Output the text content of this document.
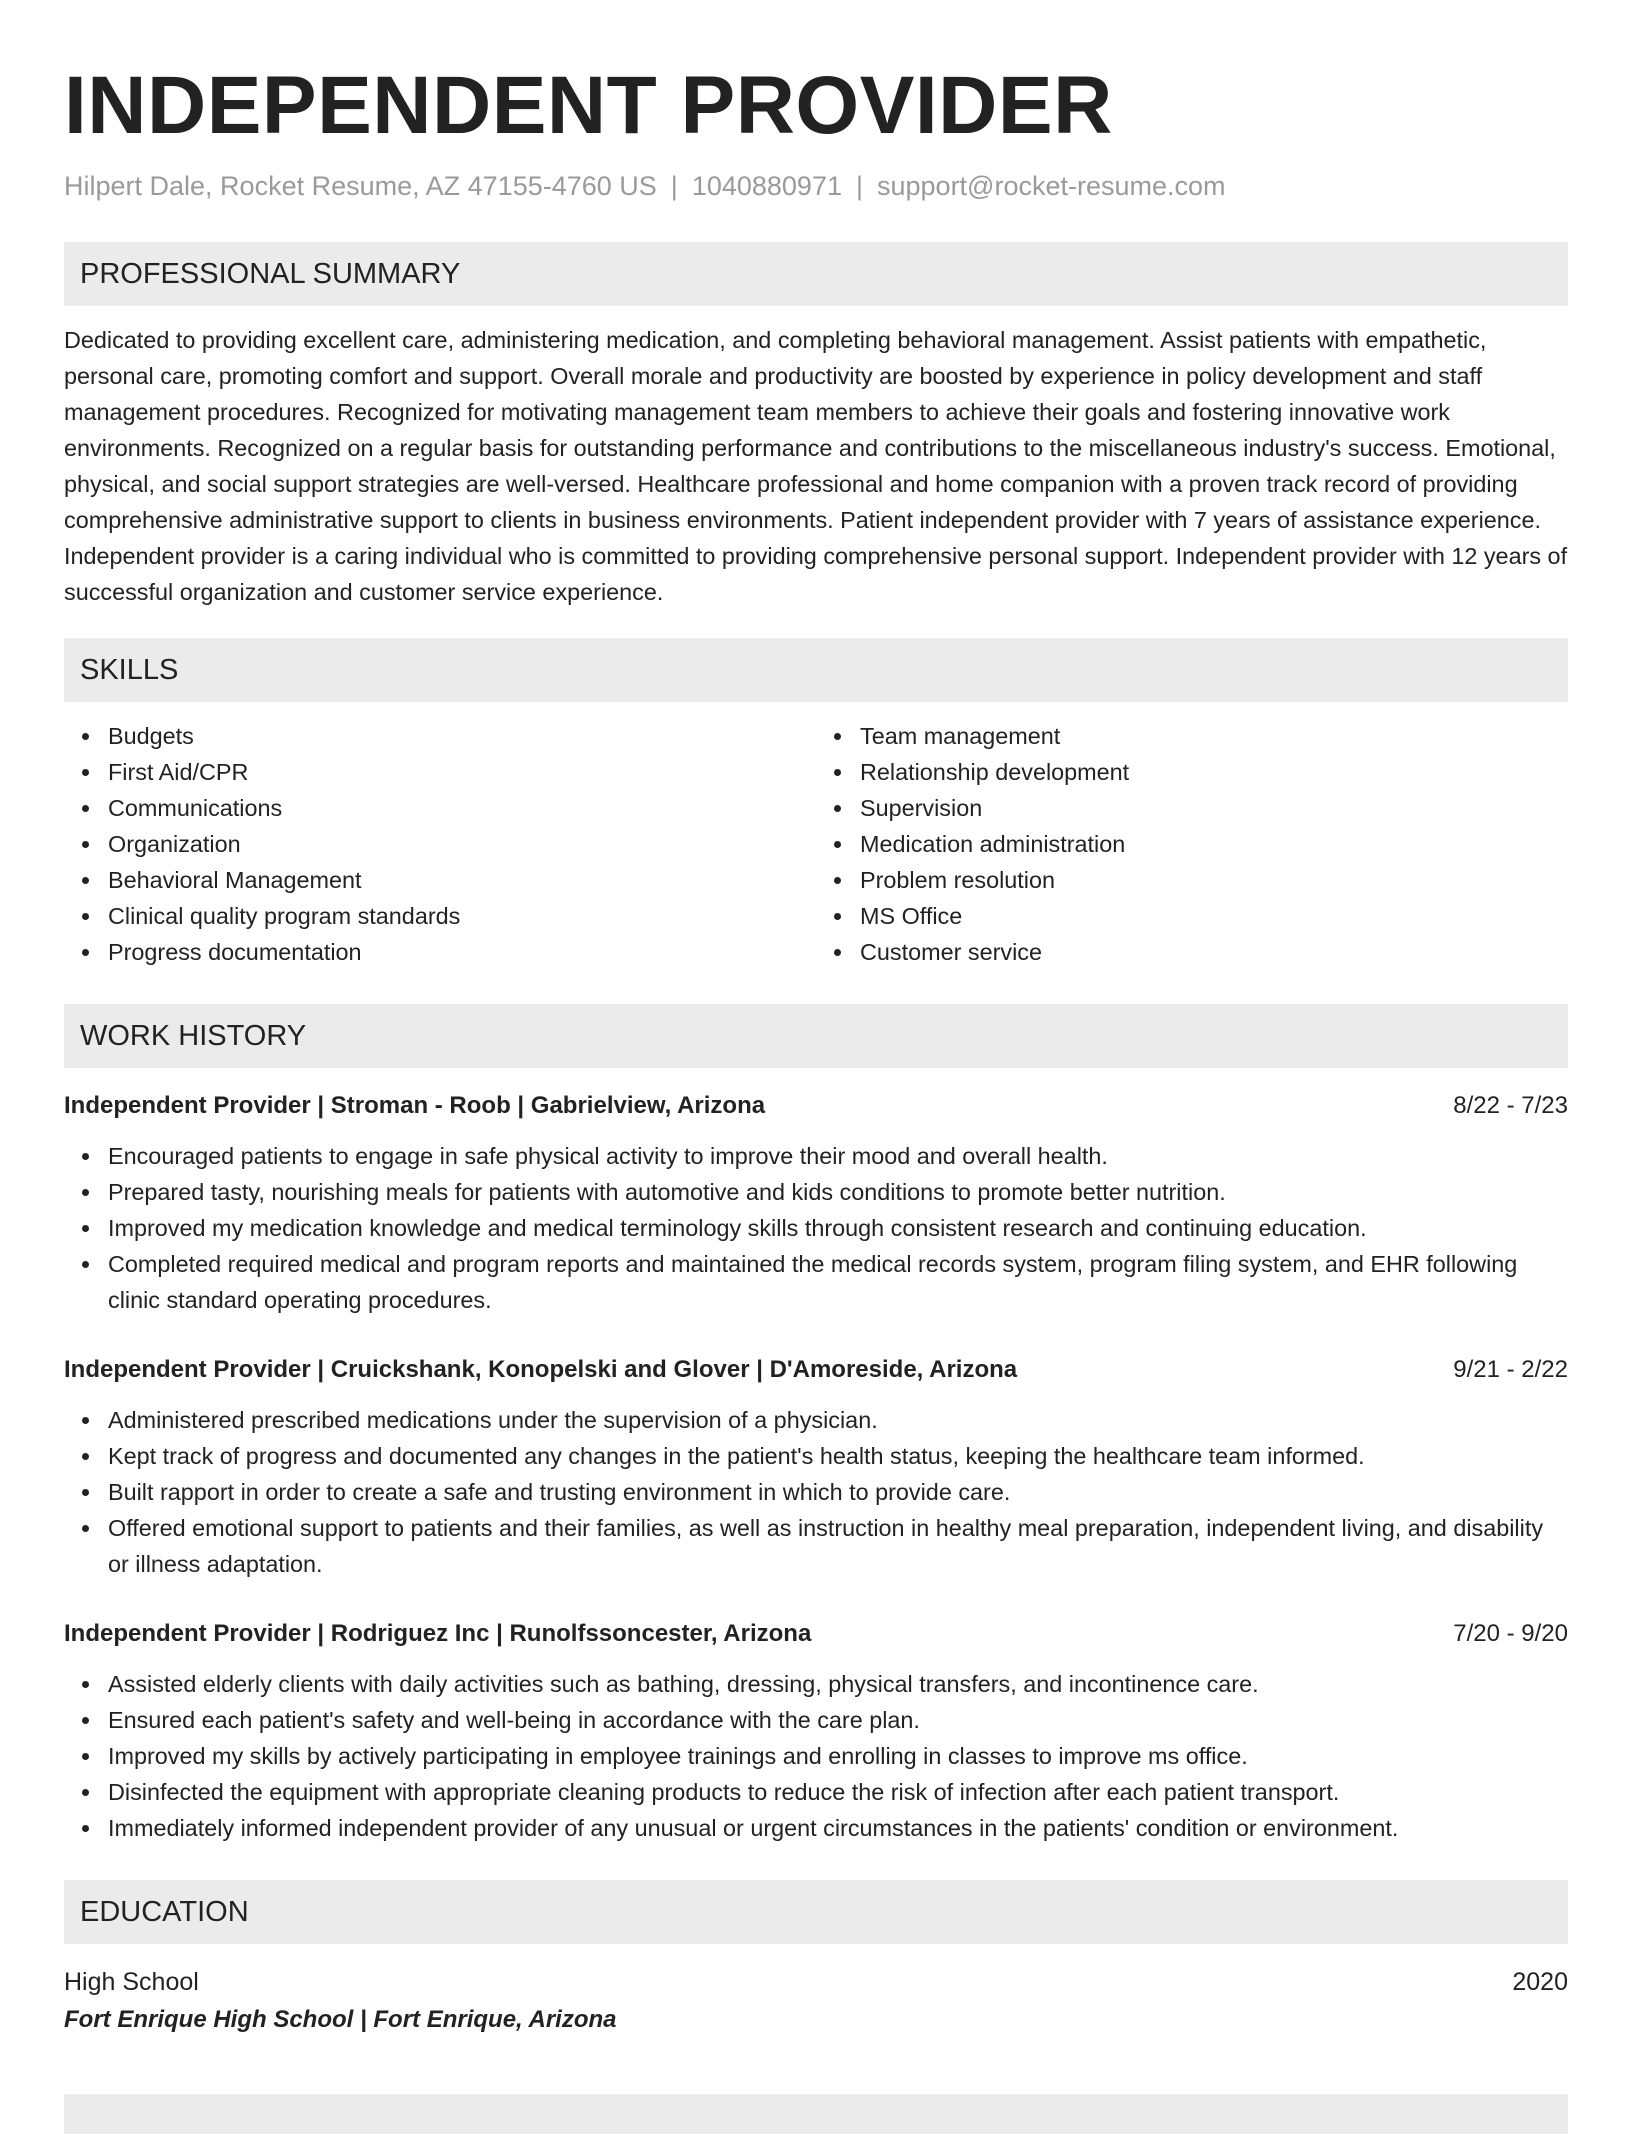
INDEPENDENT PROVIDER
Hilpert Dale, Rocket Resume, AZ 47155-4760 US | 1040880971 | support@rocket-resume.com
PROFESSIONAL SUMMARY
Dedicated to providing excellent care, administering medication, and completing behavioral management. Assist patients with empathetic, personal care, promoting comfort and support. Overall morale and productivity are boosted by experience in policy development and staff management procedures. Recognized for motivating management team members to achieve their goals and fostering innovative work environments. Recognized on a regular basis for outstanding performance and contributions to the miscellaneous industry's success. Emotional, physical, and social support strategies are well-versed. Healthcare professional and home companion with a proven track record of providing comprehensive administrative support to clients in business environments. Patient independent provider with 7 years of assistance experience. Independent provider is a caring individual who is committed to providing comprehensive personal support. Independent provider with 12 years of successful organization and customer service experience.
SKILLS
Budgets
First Aid/CPR
Communications
Organization
Behavioral Management
Clinical quality program standards
Progress documentation
Team management
Relationship development
Supervision
Medication administration
Problem resolution
MS Office
Customer service
WORK HISTORY
Independent Provider | Stroman - Roob | Gabrielview, Arizona	8/22 - 7/23
Encouraged patients to engage in safe physical activity to improve their mood and overall health.
Prepared tasty, nourishing meals for patients with automotive and kids conditions to promote better nutrition.
Improved my medication knowledge and medical terminology skills through consistent research and continuing education.
Completed required medical and program reports and maintained the medical records system, program filing system, and EHR following clinic standard operating procedures.
Independent Provider | Cruickshank, Konopelski and Glover | D'Amoreside, Arizona	9/21 - 2/22
Administered prescribed medications under the supervision of a physician.
Kept track of progress and documented any changes in the patient's health status, keeping the healthcare team informed.
Built rapport in order to create a safe and trusting environment in which to provide care.
Offered emotional support to patients and their families, as well as instruction in healthy meal preparation, independent living, and disability or illness adaptation.
Independent Provider | Rodriguez Inc | Runolfssoncester, Arizona	7/20 - 9/20
Assisted elderly clients with daily activities such as bathing, dressing, physical transfers, and incontinence care.
Ensured each patient's safety and well-being in accordance with the care plan.
Improved my skills by actively participating in employee trainings and enrolling in classes to improve ms office.
Disinfected the equipment with appropriate cleaning products to reduce the risk of infection after each patient transport.
Immediately informed independent provider of any unusual or urgent circumstances in the patients' condition or environment.
EDUCATION
High School	2020
Fort Enrique High School | Fort Enrique, Arizona
